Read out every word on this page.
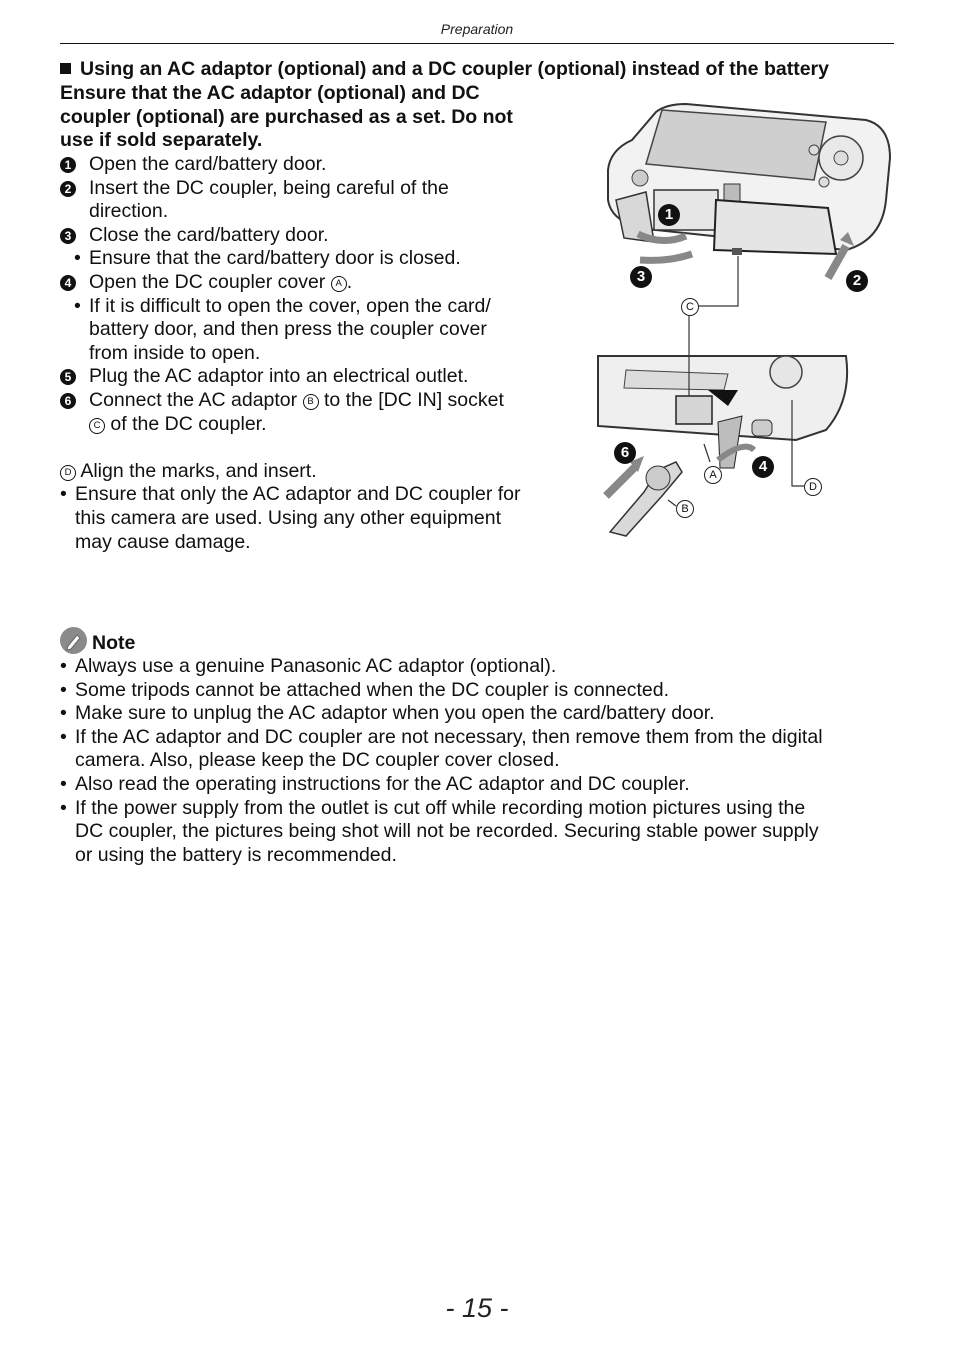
Preparation
Using an AC adaptor (optional) and a DC coupler (optional) instead of the battery
Ensure that the AC adaptor (optional) and DC
coupler (optional) are purchased as a set. Do not
use if sold separately.
1 Open the card/battery door.
2 Insert the DC coupler, being careful of the
direction.
3 Close the card/battery door.
• Ensure that the card/battery door is closed.
4 Open the DC coupler cover A .
• If it is difficult to open the cover, open the card/
battery door, and then press the coupler cover
from inside to open.
5 Plug the AC adaptor into an electrical outlet.
6 Connect the AC adaptor B to the [DC IN] socket
C of the DC coupler.
D Align the marks, and insert.
• Ensure that only the AC adaptor and DC coupler for
this camera are used. Using any other equipment
may cause damage.
1
2
3
4
6
C
A
B
D
Note
• Always use a genuine Panasonic AC adaptor (optional).
• Some tripods cannot be attached when the DC coupler is connected.
• Make sure to unplug the AC adaptor when you open the card/battery door.
• If the AC adaptor and DC coupler are not necessary, then remove them from the digital
camera. Also, please keep the DC coupler cover closed.
• Also read the operating instructions for the AC adaptor and DC coupler.
• If the power supply from the outlet is cut off while recording motion pictures using the
DC coupler, the pictures being shot will not be recorded. Securing stable power supply
or using the battery is recommended.
- 15 -
